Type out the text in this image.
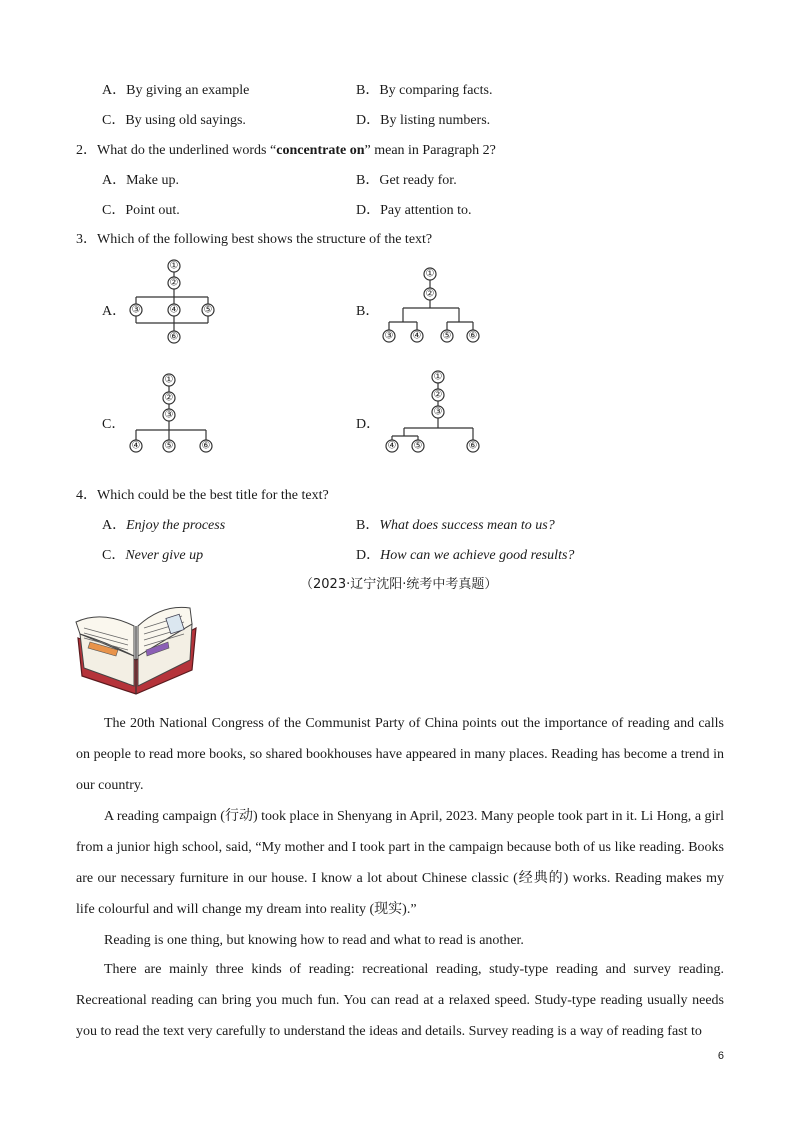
A．By giving an example	B．By comparing facts.
C．By using old sayings.	D．By listing numbers.
2．What do the underlined words “concentrate on” mean in Paragraph 2?
A．Make up.	B．Get ready for.
C．Point out.	D．Pay attention to.
3．Which of the following best shows the structure of the text?
A．
①
②
③	④	⑤
⑥
B．
①
②
③ ④ ⑤ ⑥
C．
①
②
③
④ ⑤	⑥
D．
①
②
③
④ ⑤	⑥
4．Which could be the best title for the text?
A．Enjoy the process	B．What does success mean to us?
C．Never give up	D．How can we achieve good results?
（2023·辽宁沈阳·统考中考真题）
The 20th National Congress of the Communist Party of China points out the importance of reading and calls on people to read more books, so shared bookhouses have appeared in many places. Reading has become a trend in our country.
A reading campaign (行动) took place in Shenyang in April, 2023. Many people took part in it. Li Hong, a girl from a junior high school, said, “My mother and I took part in the campaign because both of us like reading. Books are our necessary furniture in our house. I know a lot about Chinese classic (经典的) works. Reading makes my life colourful and will change my dream into reality (现实).”
Reading is one thing, but knowing how to read and what to read is another.
There are mainly three kinds of reading: recreational reading, study-type reading and survey reading. Recreational reading can bring you much fun. You can read at a relaxed speed. Study-type reading usually needs you to read the text very carefully to understand the ideas and details. Survey reading is a way of reading fast to
6
